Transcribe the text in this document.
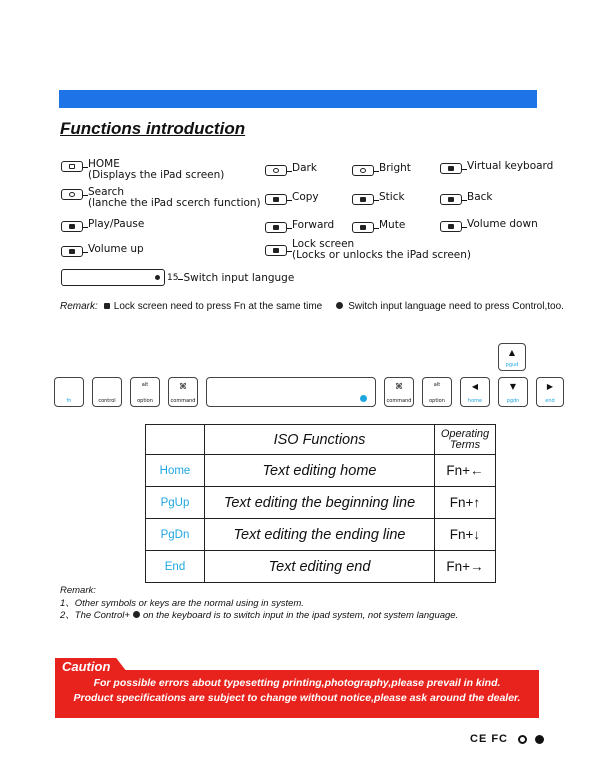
Functions introduction
HOME
(Displays the iPad screen)
Dark	Bright	Virtual keyboard
Search
(lanche the iPad scerch function)	Copy	Stick	Back
Play/Pause	Forward	Mute	Volume down
Volume up	Lock screen
(Locks or unlocks the iPad screen)
15 Switch input languge
Remark: Lock screen need to press Fn at the same time	Switch input language need to press Control,too.
fn	control
alt
option
⌘
command
⌘
command
alt
option
◀
home
▲
pgud
▼
pgdn
▶
end
	ISO Functions	Operating
Terms
Home	Text editing home	Fn+←
PgUp	Text editing the beginning line	Fn+↑
PgDn	Text editing the ending line	Fn+↓
End	Text editing end	Fn+→
Remark:
1、Other symbols or keys are the normal using in system.
2、The Control+ on the keyboard is to switch input in the ipad system, not system language.
Caution
For possible errors about typesetting printing,photography,please prevail in kind.
Product specifications are subject to change without notice,please ask around the dealer.
CE FC
